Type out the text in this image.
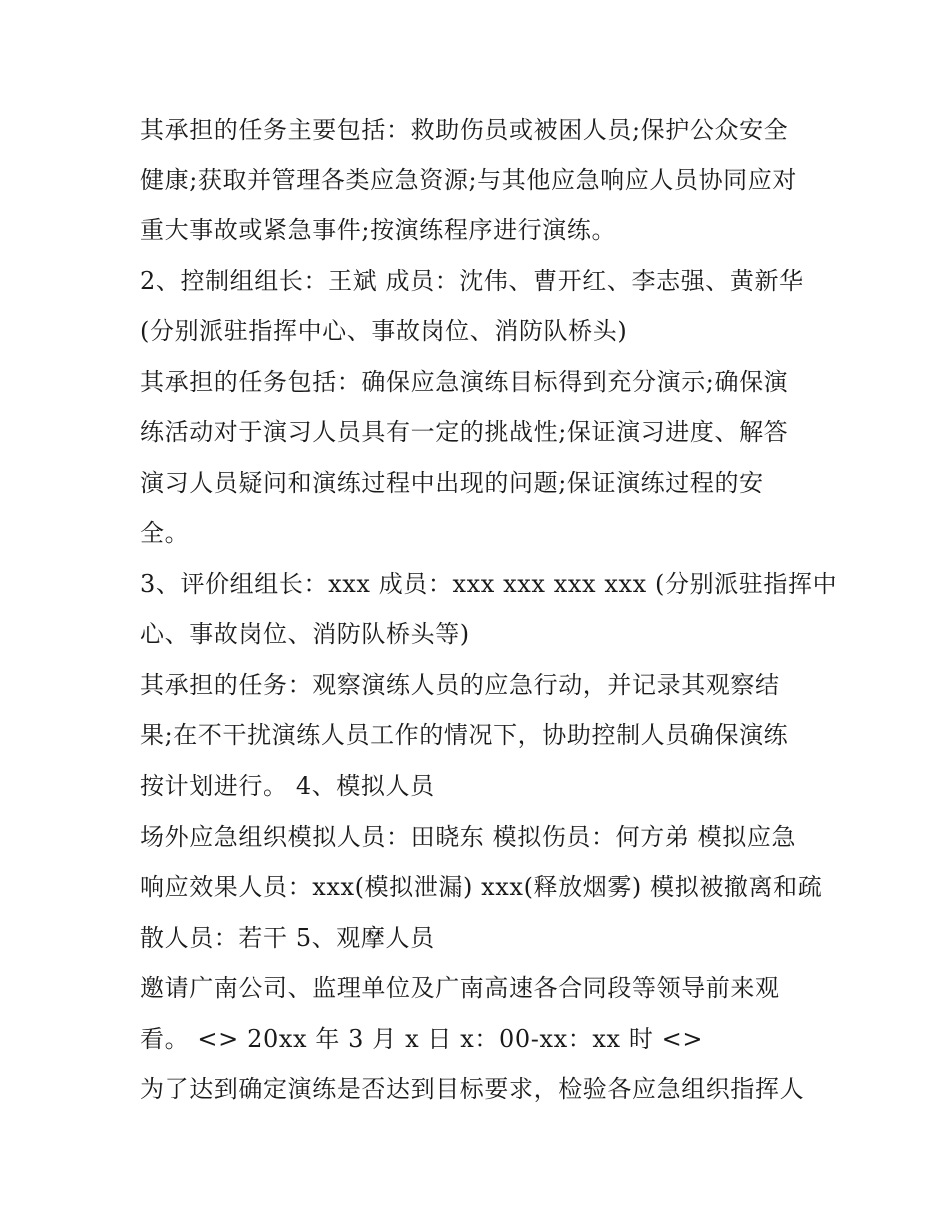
其承担的任务主要包括：救助伤员或被困人员;保护公众安全

健康;获取并管理各类应急资源;与其他应急响应人员协同应对

重大事故或紧急事件;按演练程序进行演练。

2、控制组组长：王斌 成员：沈伟、曹开红、李志强、黄新华

(分别派驻指挥中心、事故岗位、消防队桥头)

其承担的任务包括：确保应急演练目标得到充分演示;确保演

练活动对于演习人员具有一定的挑战性;保证演习进度、解答

演习人员疑问和演练过程中出现的问题;保证演练过程的安

全。

3、评价组组长：xxx 成员：xxx xxx xxx xxx (分别派驻指挥中

心、事故岗位、消防队桥头等)

其承担的任务：观察演练人员的应急行动，并记录其观察结

果;在不干扰演练人员工作的情况下，协助控制人员确保演练

按计划进行。 4、模拟人员

场外应急组织模拟人员：田晓东 模拟伤员：何方弟 模拟应急

响应效果人员：xxx(模拟泄漏) xxx(释放烟雾) 模拟被撤离和疏

散人员：若干 5、观摩人员

邀请广南公司、监理单位及广南高速各合同段等领导前来观

看。 <> 20xx 年 3 月 x 日 x：00-xx：xx 时 <>

为了达到确定演练是否达到目标要求，检验各应急组织指挥人
